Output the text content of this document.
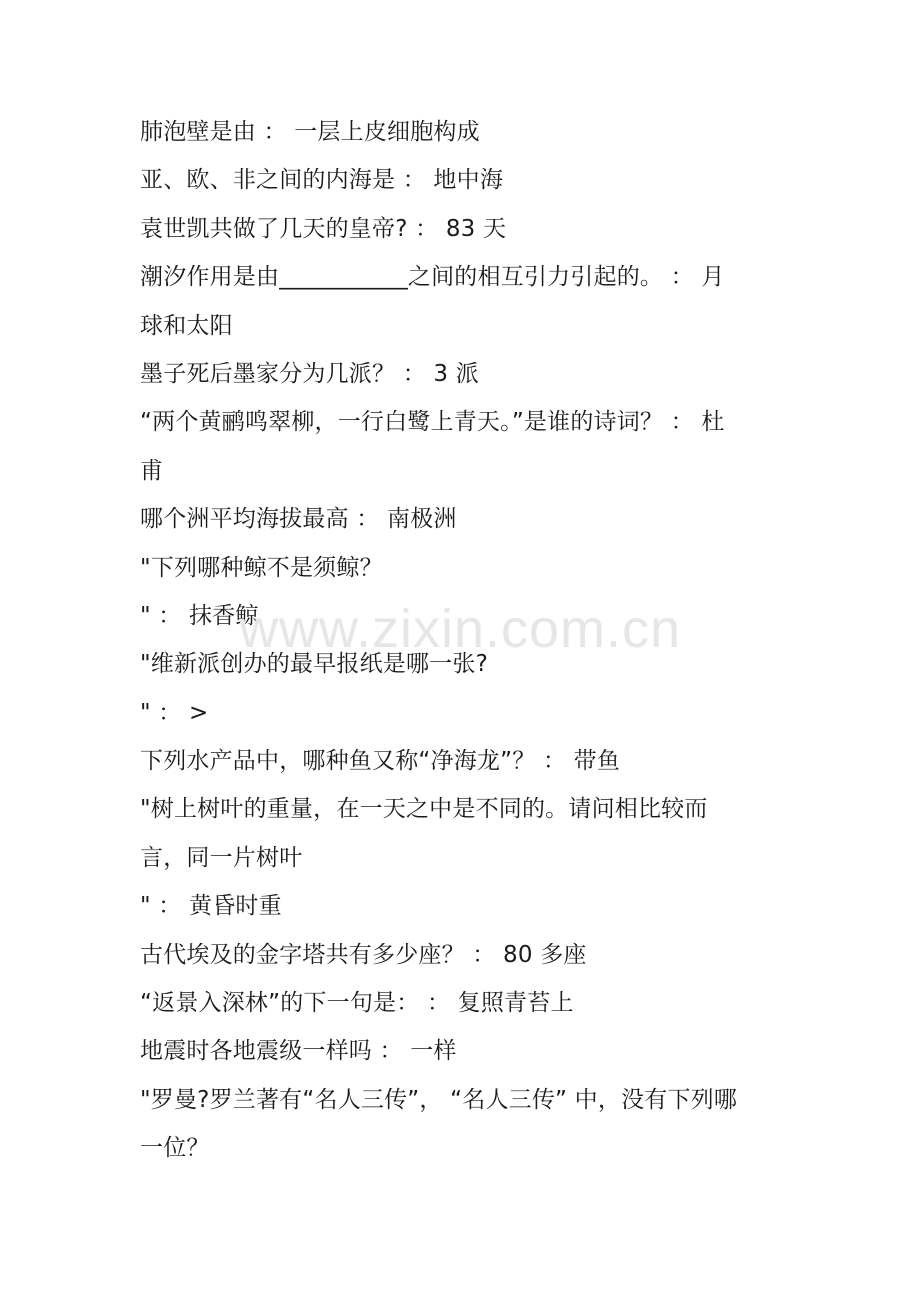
肺泡壁是由 ： 一层上皮细胞构成
亚、欧、非之间的内海是 ： 地中海
袁世凯共做了几天的皇帝? ： 83 天
潮汐作用是由___________之间的相互引力引起的。 ： 月
球和太阳
墨子死后墨家分为几派？ ： 3 派
“两个黄鹂鸣翠柳，一行白鹭上青天。”是谁的诗词？ ： 杜
甫
哪个洲平均海拔最高 ： 南极洲
"下列哪种鲸不是须鲸？
" ： 抹香鲸
"维新派创办的最早报纸是哪一张?
" ： >
下列水产品中，哪种鱼又称“净海龙”？ ： 带鱼
"树上树叶的重量，在一天之中是不同的。请问相比较而
言，同一片树叶
" ： 黄昏时重
古代埃及的金字塔共有多少座？ ： 80 多座
“返景入深林”的下一句是： ： 复照青苔上
地震时各地震级一样吗 ： 一样
"罗曼?罗兰著有“名人三传”， “名人三传” 中，没有下列哪
一位？
www.zixin.com.cn
